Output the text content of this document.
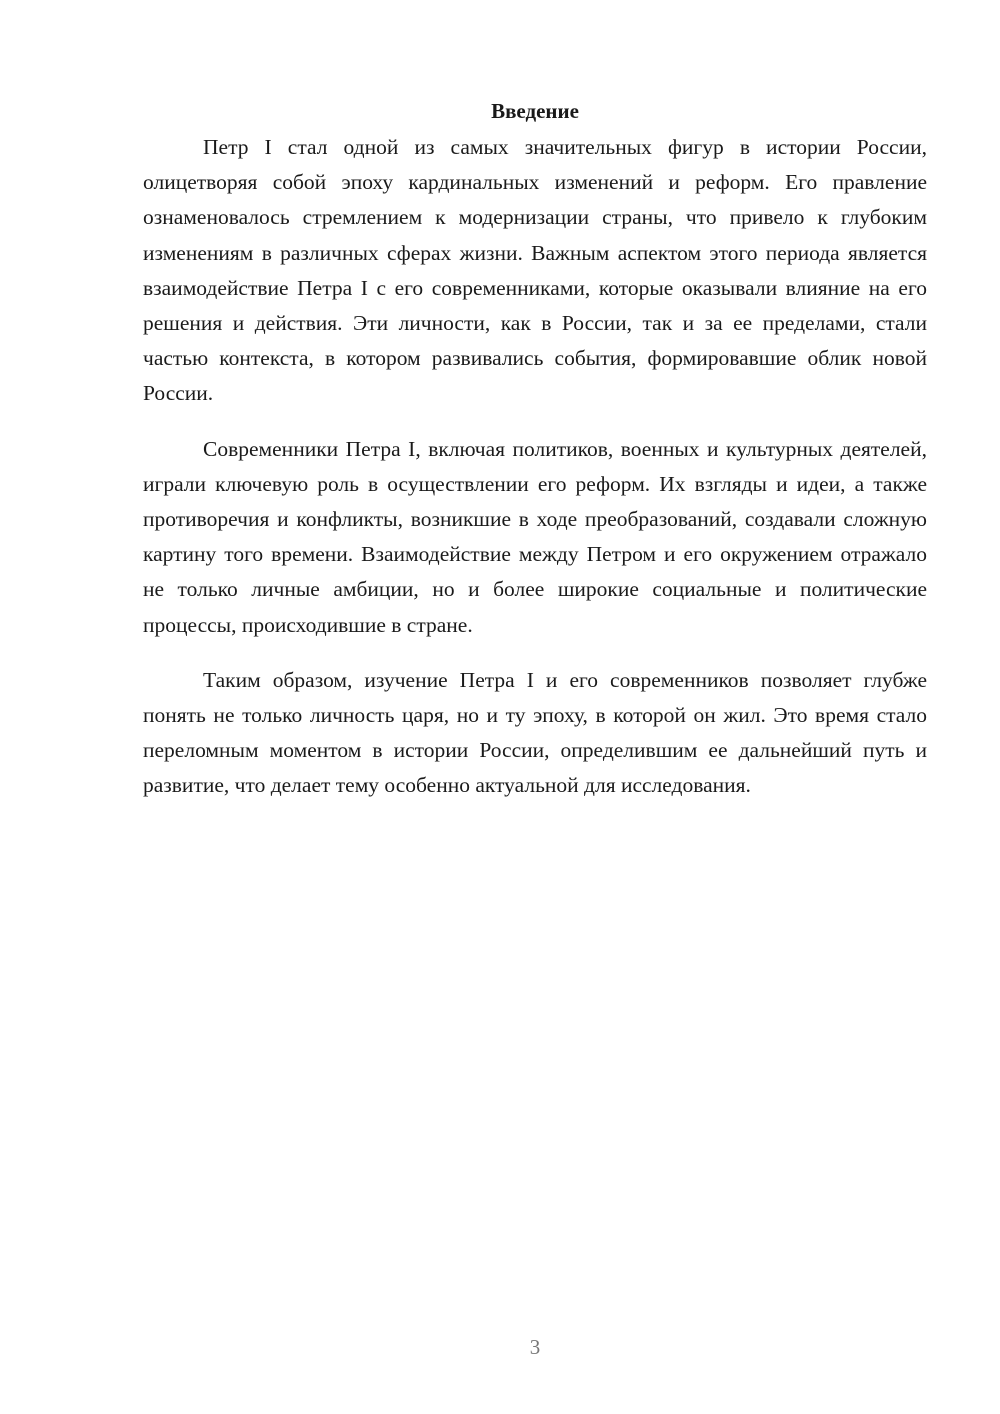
Введение

Петр I стал одной из самых значительных фигур в истории России, олицетворяя собой эпоху кардинальных изменений и реформ. Его правление ознаменовалось стремлением к модернизации страны, что привело к глубоким изменениям в различных сферах жизни. Важным аспектом этого периода является взаимодействие Петра I с его современниками, которые оказывали влияние на его решения и действия. Эти личности, как в России, так и за ее пределами, стали частью контекста, в котором развивались события, формировавшие облик новой России.

Современники Петра I, включая политиков, военных и культурных деятелей, играли ключевую роль в осуществлении его реформ. Их взгляды и идеи, а также противоречия и конфликты, возникшие в ходе преобразований, создавали сложную картину того времени. Взаимодействие между Петром и его окружением отражало не только личные амбиции, но и более широкие социальные и политические процессы, происходившие в стране.

Таким образом, изучение Петра I и его современников позволяет глубже понять не только личность царя, но и ту эпоху, в которой он жил. Это время стало переломным моментом в истории России, определившим ее дальнейший путь и развитие, что делает тему особенно актуальной для исследования.

3
